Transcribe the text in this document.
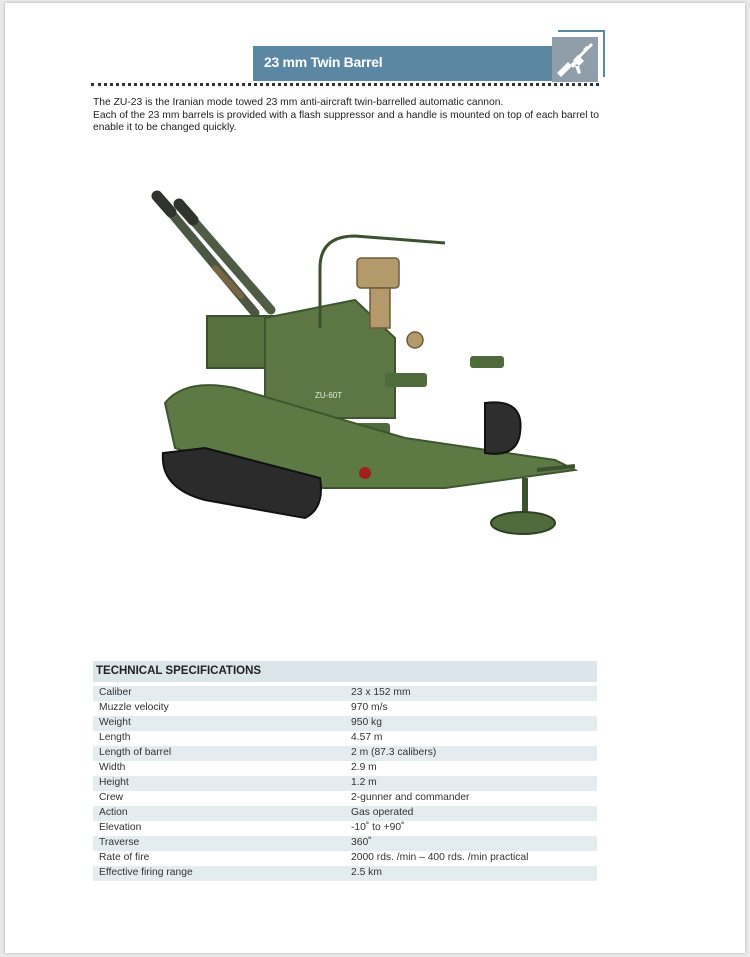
23 mm Twin Barrel

The ZU-23 is the Iranian mode towed 23 mm anti-aircraft twin-barrelled automatic cannon.

Each of the 23 mm barrels is provided with a flash suppressor and a handle is mounted on top of each barrel to enable it to be changed quickly.

ZU-60T
TECHNICAL SPECIFICATIONS
Caliber	23 x 152 mm
Muzzle velocity	970 m/s
Weight	950 kg
Length	4.57 m
Length of barrel	2 m (87.3 calibers)
Width	2.9 m
Height	1.2 m
Crew	2-gunner and commander
Action	Gas operated
Elevation	-10˚ to +90˚
Traverse	360˚
Rate of fire	2000 rds. /min – 400 rds. /min practical
Effective firing range	2.5 km
